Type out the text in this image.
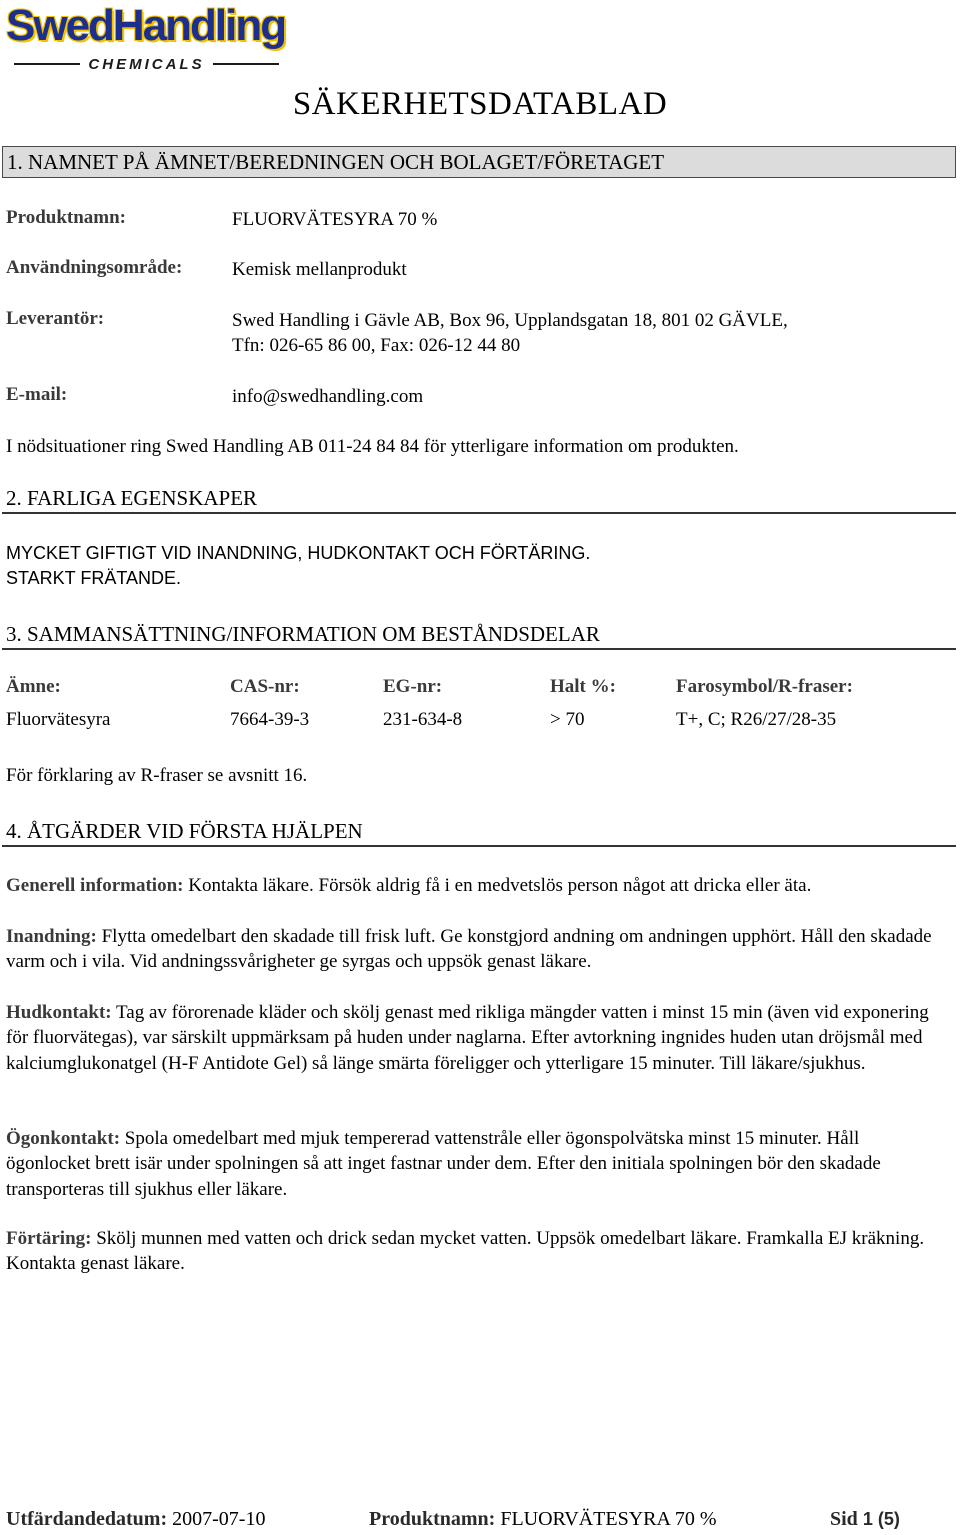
SwedHandling
CHEMICALS
SÄKERHETSDATABLAD
1. NAMNET PÅ ÄMNET/BEREDNINGEN OCH BOLAGET/FÖRETAGET
Produktnamn:	FLUORVÄTESYRA 70 %
Användningsområde:	Kemisk mellanprodukt
Leverantör:	Swed Handling i Gävle AB, Box 96, Upplandsgatan 18, 801 02 GÄVLE,
Tfn: 026-65 86 00, Fax: 026-12 44 80
E-mail:	info@swedhandling.com
I nödsituationer ring Swed Handling AB 011-24 84 84 för ytterligare information om produkten.
2. FARLIGA EGENSKAPER
MYCKET GIFTIGT VID INANDNING, HUDKONTAKT OCH FÖRTÄRING.
STARKT FRÄTANDE.
3. SAMMANSÄTTNING/INFORMATION OM BESTÅNDSDELAR
Ämne:	CAS-nr:	EG-nr:	Halt %:	Farosymbol/R-fraser:
Fluorvätesyra	7664-39-3	231-634-8	> 70	T+, C; R26/27/28-35
För förklaring av R-fraser se avsnitt 16.
4. ÅTGÄRDER VID FÖRSTA HJÄLPEN
Generell information: Kontakta läkare. Försök aldrig få i en medvetslös person något att dricka eller äta.
Inandning: Flytta omedelbart den skadade till frisk luft. Ge konstgjord andning om andningen upphört. Håll den skadade varm och i vila. Vid andningssvårigheter ge syrgas och uppsök genast läkare.
Hudkontakt: Tag av förorenade kläder och skölj genast med rikliga mängder vatten i minst 15 min (även vid exponering för fluorvätegas), var särskilt uppmärksam på huden under naglarna. Efter avtorkning ingnides huden utan dröjsmål med kalciumglukonatgel (H-F Antidote Gel) så länge smärta föreligger och ytterligare 15 minuter. Till läkare/sjukhus.
Ögonkontakt: Spola omedelbart med mjuk tempererad vattenstråle eller ögonspolvätska minst 15 minuter. Håll ögonlocket brett isär under spolningen så att inget fastnar under dem. Efter den initiala spolningen bör den skadade transporteras till sjukhus eller läkare.
Förtäring: Skölj munnen med vatten och drick sedan mycket vatten. Uppsök omedelbart läkare. Framkalla EJ kräkning. Kontakta genast läkare.
Utfärdandedatum: 2007-07-10	Produktnamn: FLUORVÄTESYRA 70 %	Sid 1 (5)
